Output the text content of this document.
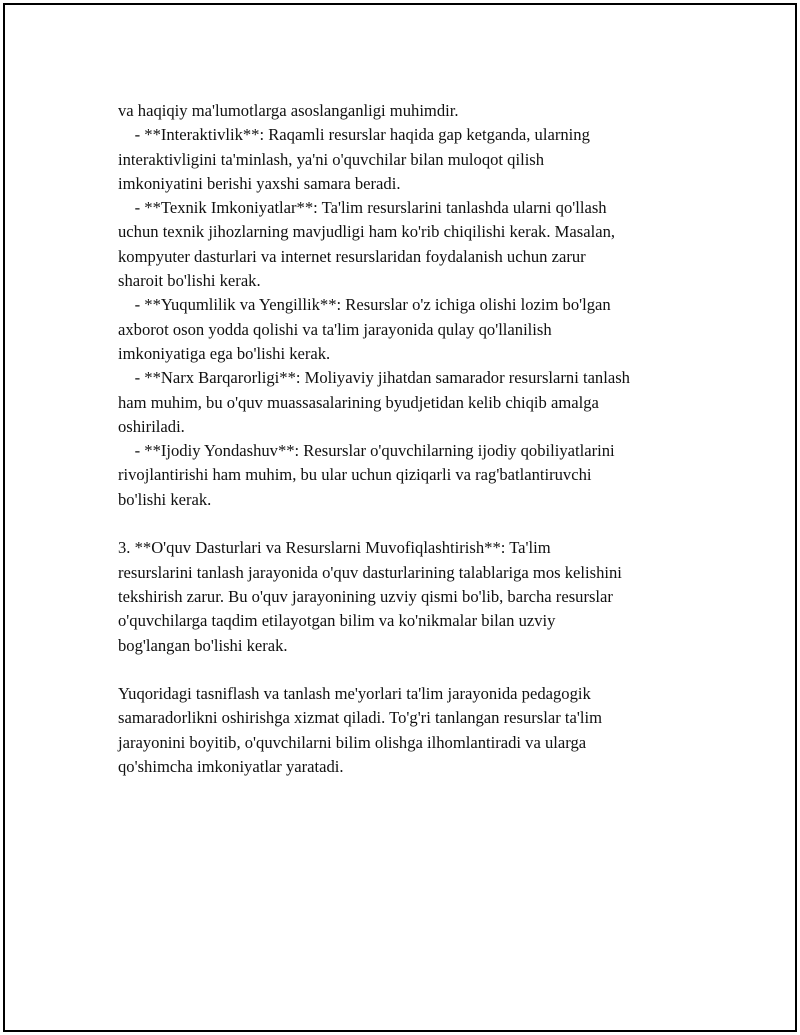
va haqiqiy ma'lumotlarga asoslanganligi muhimdir.
- **Interaktivlik**: Raqamli resurslar haqida gap ketganda, ularning
interaktivligini ta'minlash, ya'ni o'quvchilar bilan muloqot qilish
imkoniyatini berishi yaxshi samara beradi.
- **Texnik Imkoniyatlar**: Ta'lim resurslarini tanlashda ularni qo'llash
uchun texnik jihozlarning mavjudligi ham ko'rib chiqilishi kerak. Masalan,
kompyuter dasturlari va internet resurslaridan foydalanish uchun zarur
sharoit bo'lishi kerak.
- **Yuqumlilik va Yengillik**: Resurslar o'z ichiga olishi lozim bo'lgan
axborot oson yodda qolishi va ta'lim jarayonida qulay qo'llanilish
imkoniyatiga ega bo'lishi kerak.
- **Narx Barqarorligi**: Moliyaviy jihatdan samarador resurslarni tanlash
ham muhim, bu o'quv muassasalarining byudjetidan kelib chiqib amalga
oshiriladi.
- **Ijodiy Yondashuv**: Resurslar o'quvchilarning ijodiy qobiliyatlarini
rivojlantirishi ham muhim, bu ular uchun qiziqarli va rag'batlantiruvchi
bo'lishi kerak.
3. **O'quv Dasturlari va Resurslarni Muvofiqlashtirish**: Ta'lim
resurslarini tanlash jarayonida o'quv dasturlarining talablariga mos kelishini
tekshirish zarur. Bu o'quv jarayonining uzviy qismi bo'lib, barcha resurslar
o'quvchilarga taqdim etilayotgan bilim va ko'nikmalar bilan uzviy
bog'langan bo'lishi kerak.
Yuqoridagi tasniflash va tanlash me'yorlari ta'lim jarayonida pedagogik
samaradorlikni oshirishga xizmat qiladi. To'g'ri tanlangan resurslar ta'lim
jarayonini boyitib, o'quvchilarni bilim olishga ilhomlantiradi va ularga
qo'shimcha imkoniyatlar yaratadi.
